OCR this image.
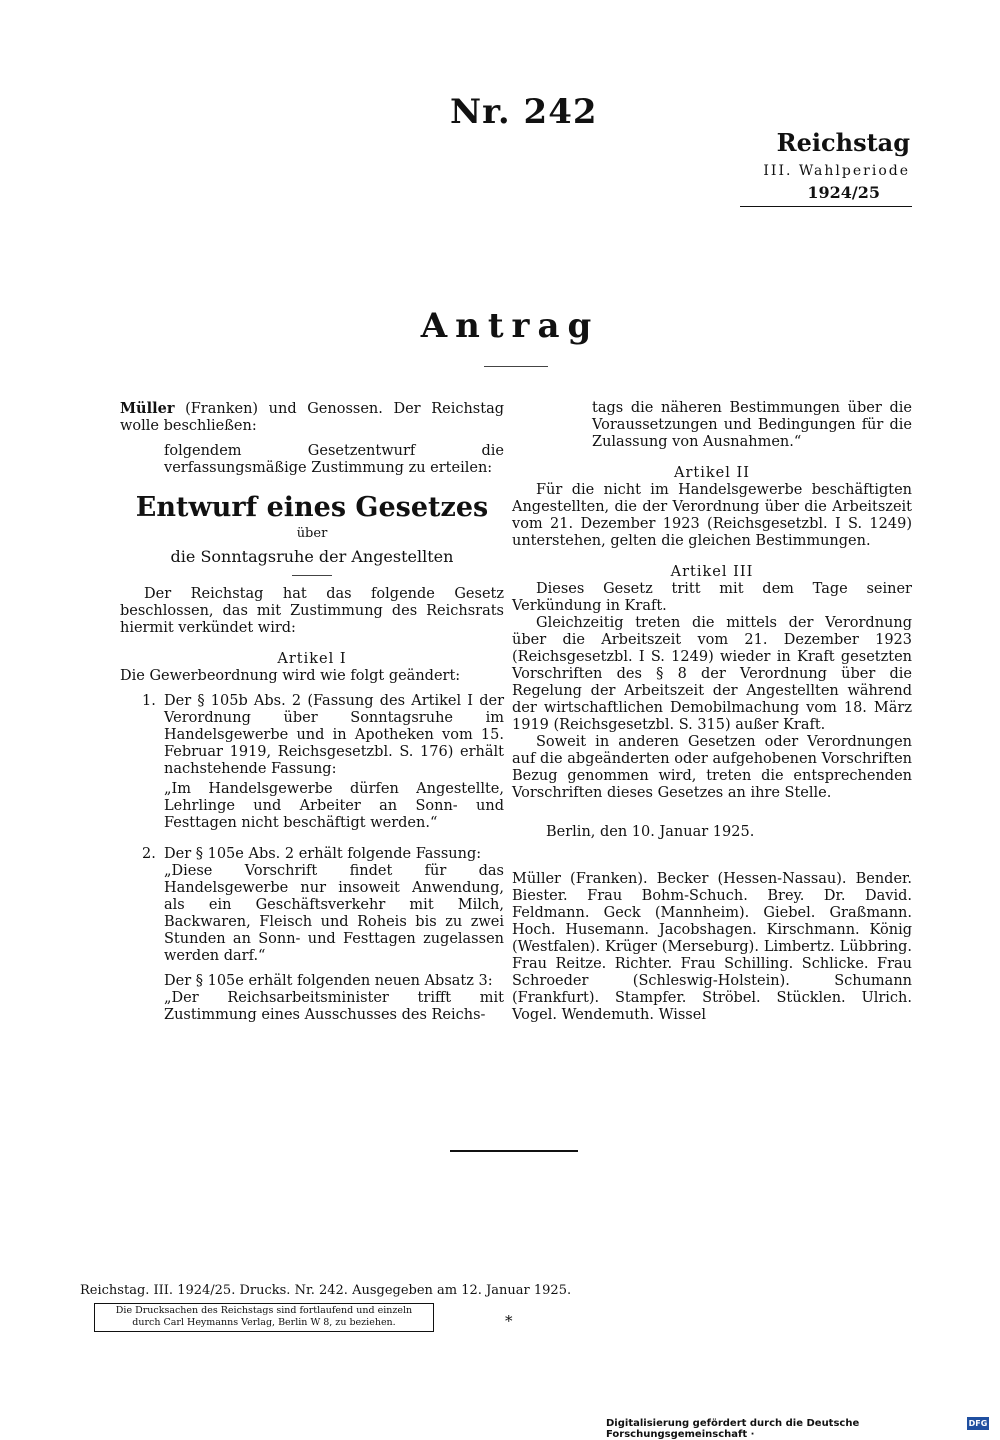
Nr. 242
Reichstag
III. Wahlperiode
1924/25
Antrag

Müller (Franken) und Genossen. Der Reichstag wolle beschließen:

folgendem Gesetzentwurf die verfassungsmäßige Zustimmung zu erteilen:

Entwurf eines Gesetzes

über

die Sonntagsruhe der Angestellten

Der Reichstag hat das folgende Gesetz beschlossen, das mit Zustimmung des Reichsrats hiermit verkündet wird:

Artikel I

Die Gewerbeordnung wird wie folgt geändert:

1. Der § 105b Abs. 2 (Fassung des Artikel I der Verordnung über Sonntagsruhe im Handelsgewerbe und in Apotheken vom 15. Februar 1919, Reichsgesetzbl. S. 176) erhält nachstehende Fassung:

„Im Handelsgewerbe dürfen Angestellte, Lehrlinge und Arbeiter an Sonn- und Festtagen nicht beschäftigt werden.“

2. Der § 105e Abs. 2 erhält folgende Fassung:

„Diese Vorschrift findet für das Handelsgewerbe nur insoweit Anwendung, als ein Geschäftsverkehr mit Milch, Backwaren, Fleisch und Roheis bis zu zwei Stunden an Sonn- und Festtagen zugelassen werden darf.“

Der § 105e erhält folgenden neuen Absatz 3:

„Der Reichsarbeitsminister trifft mit Zustimmung eines Ausschusses des Reichs-

tags die näheren Bestimmungen über die Voraussetzungen und Bedingungen für die Zulassung von Ausnahmen.“

Artikel II

Für die nicht im Handelsgewerbe beschäftigten Angestellten, die der Verordnung über die Arbeitszeit vom 21. Dezember 1923 (Reichsgesetzbl. I S. 1249) unterstehen, gelten die gleichen Bestimmungen.

Artikel III

Dieses Gesetz tritt mit dem Tage seiner Verkündung in Kraft.

Gleichzeitig treten die mittels der Verordnung über die Arbeitszeit vom 21. Dezember 1923 (Reichsgesetzbl. I S. 1249) wieder in Kraft gesetzten Vorschriften des § 8 der Verordnung über die Regelung der Arbeitszeit der Angestellten während der wirtschaftlichen Demobilmachung vom 18. März 1919 (Reichsgesetzbl. S. 315) außer Kraft.

Soweit in anderen Gesetzen oder Verordnungen auf die abgeänderten oder aufgehobenen Vorschriften Bezug genommen wird, treten die entsprechenden Vorschriften dieses Gesetzes an ihre Stelle.

Berlin, den 10. Januar 1925.

Müller (Franken). Becker (Hessen-Nassau). Bender. Biester. Frau Bohm-Schuch. Brey. Dr. David. Feldmann. Geck (Mannheim). Giebel. Graßmann. Hoch. Husemann. Jacobshagen. Kirschmann. König (Westfalen). Krüger (Merseburg). Limbertz. Lübbring. Frau Reitze. Richter. Frau Schilling. Schlicke. Frau Schroeder (Schleswig-Holstein). Schumann (Frankfurt). Stampfer. Ströbel. Stücklen. Ulrich. Vogel. Wendemuth. Wissel

Reichstag. III. 1924/25. Drucks. Nr. 242. Ausgegeben am 12. Januar 1925.
Die Drucksachen des Reichstags sind fortlaufend und einzeln
durch Carl Heymanns Verlag, Berlin W 8, zu beziehen.	*
Digitalisierung gefördert durch die Deutsche Forschungsgemeinschaft ·
DFG
